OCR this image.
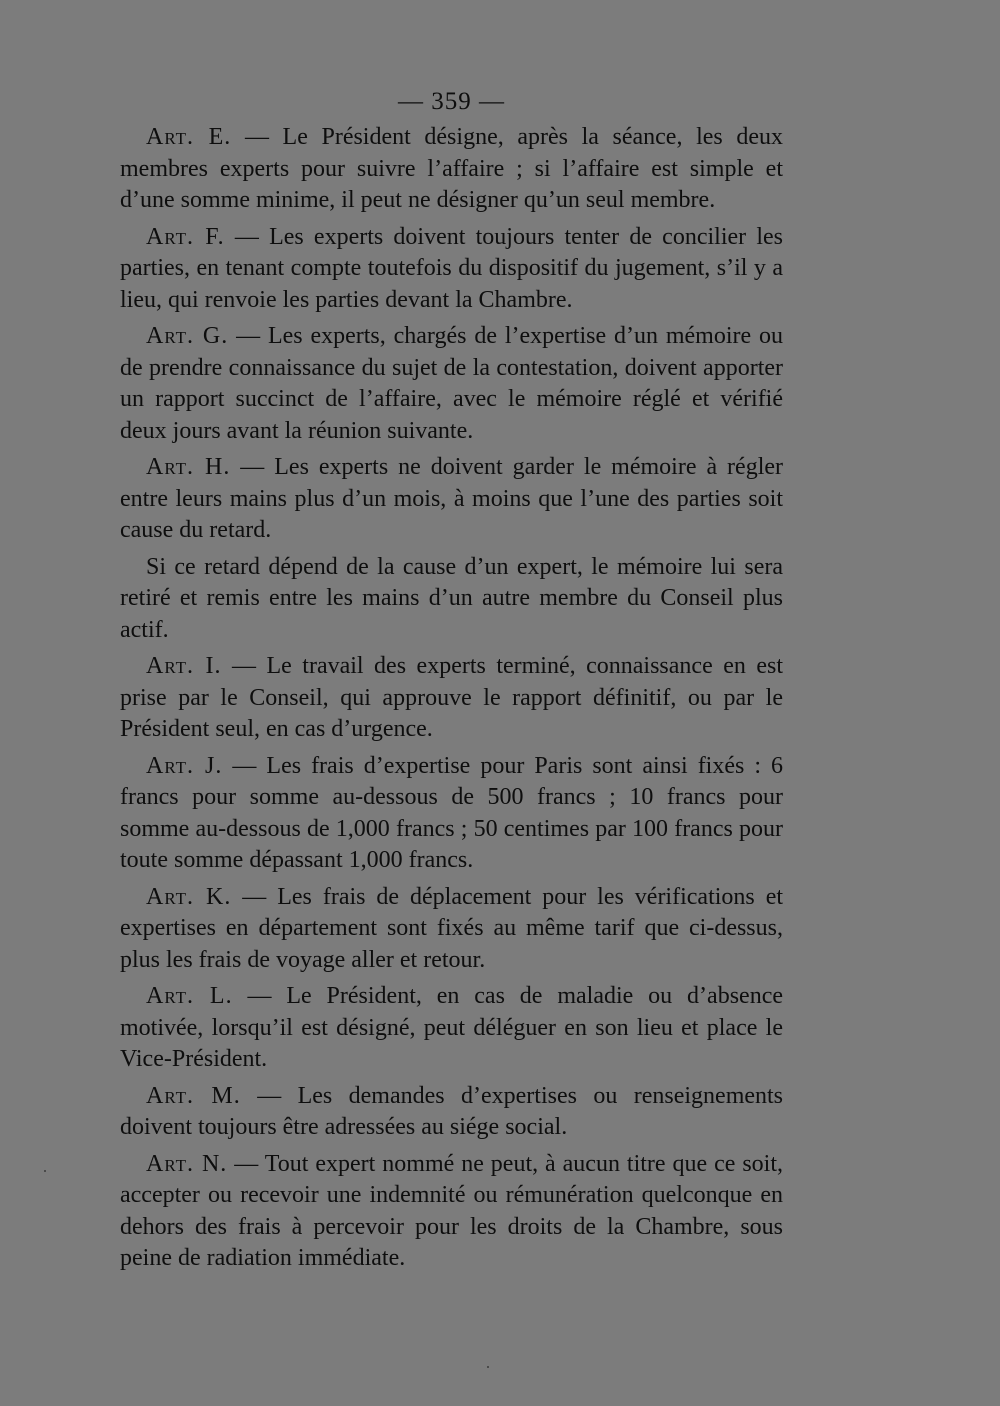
— 359 —

Art. E. — Le Président désigne, après la séance, les deux membres experts pour suivre l’affaire ; si l’affaire est simple et d’une somme minime, il peut ne désigner qu’un seul membre.

Art. F. — Les experts doivent toujours tenter de concilier les parties, en tenant compte toutefois du dispositif du jugement, s’il y a lieu, qui renvoie les parties devant la Chambre.

Art. G. — Les experts, chargés de l’expertise d’un mémoire ou de prendre connaissance du sujet de la contestation, doivent apporter un rapport succinct de l’affaire, avec le mémoire réglé et vérifié deux jours avant la réunion suivante.

Art. H. — Les experts ne doivent garder le mémoire à régler entre leurs mains plus d’un mois, à moins que l’une des parties soit cause du retard.

Si ce retard dépend de la cause d’un expert, le mémoire lui sera retiré et remis entre les mains d’un autre membre du Conseil plus actif.

Art. I. — Le travail des experts terminé, connaissance en est prise par le Conseil, qui approuve le rapport définitif, ou par le Président seul, en cas d’urgence.

Art. J. — Les frais d’expertise pour Paris sont ainsi fixés : 6 francs pour somme au-dessous de 500 francs ; 10 francs pour somme au-dessous de 1,000 francs ; 50 centimes par 100 francs pour toute somme dépassant 1,000 francs.

Art. K. — Les frais de déplacement pour les vérifications et expertises en département sont fixés au même tarif que ci-dessus, plus les frais de voyage aller et retour.

Art. L. — Le Président, en cas de maladie ou d’absence motivée, lorsqu’il est désigné, peut déléguer en son lieu et place le Vice-Président.

Art. M. — Les demandes d’expertises ou renseignements doivent toujours être adressées au siége social.

Art. N. — Tout expert nommé ne peut, à aucun titre que ce soit, accepter ou recevoir une indemnité ou rémunération quelconque en dehors des frais à percevoir pour les droits de la Chambre, sous peine de radiation immédiate.
